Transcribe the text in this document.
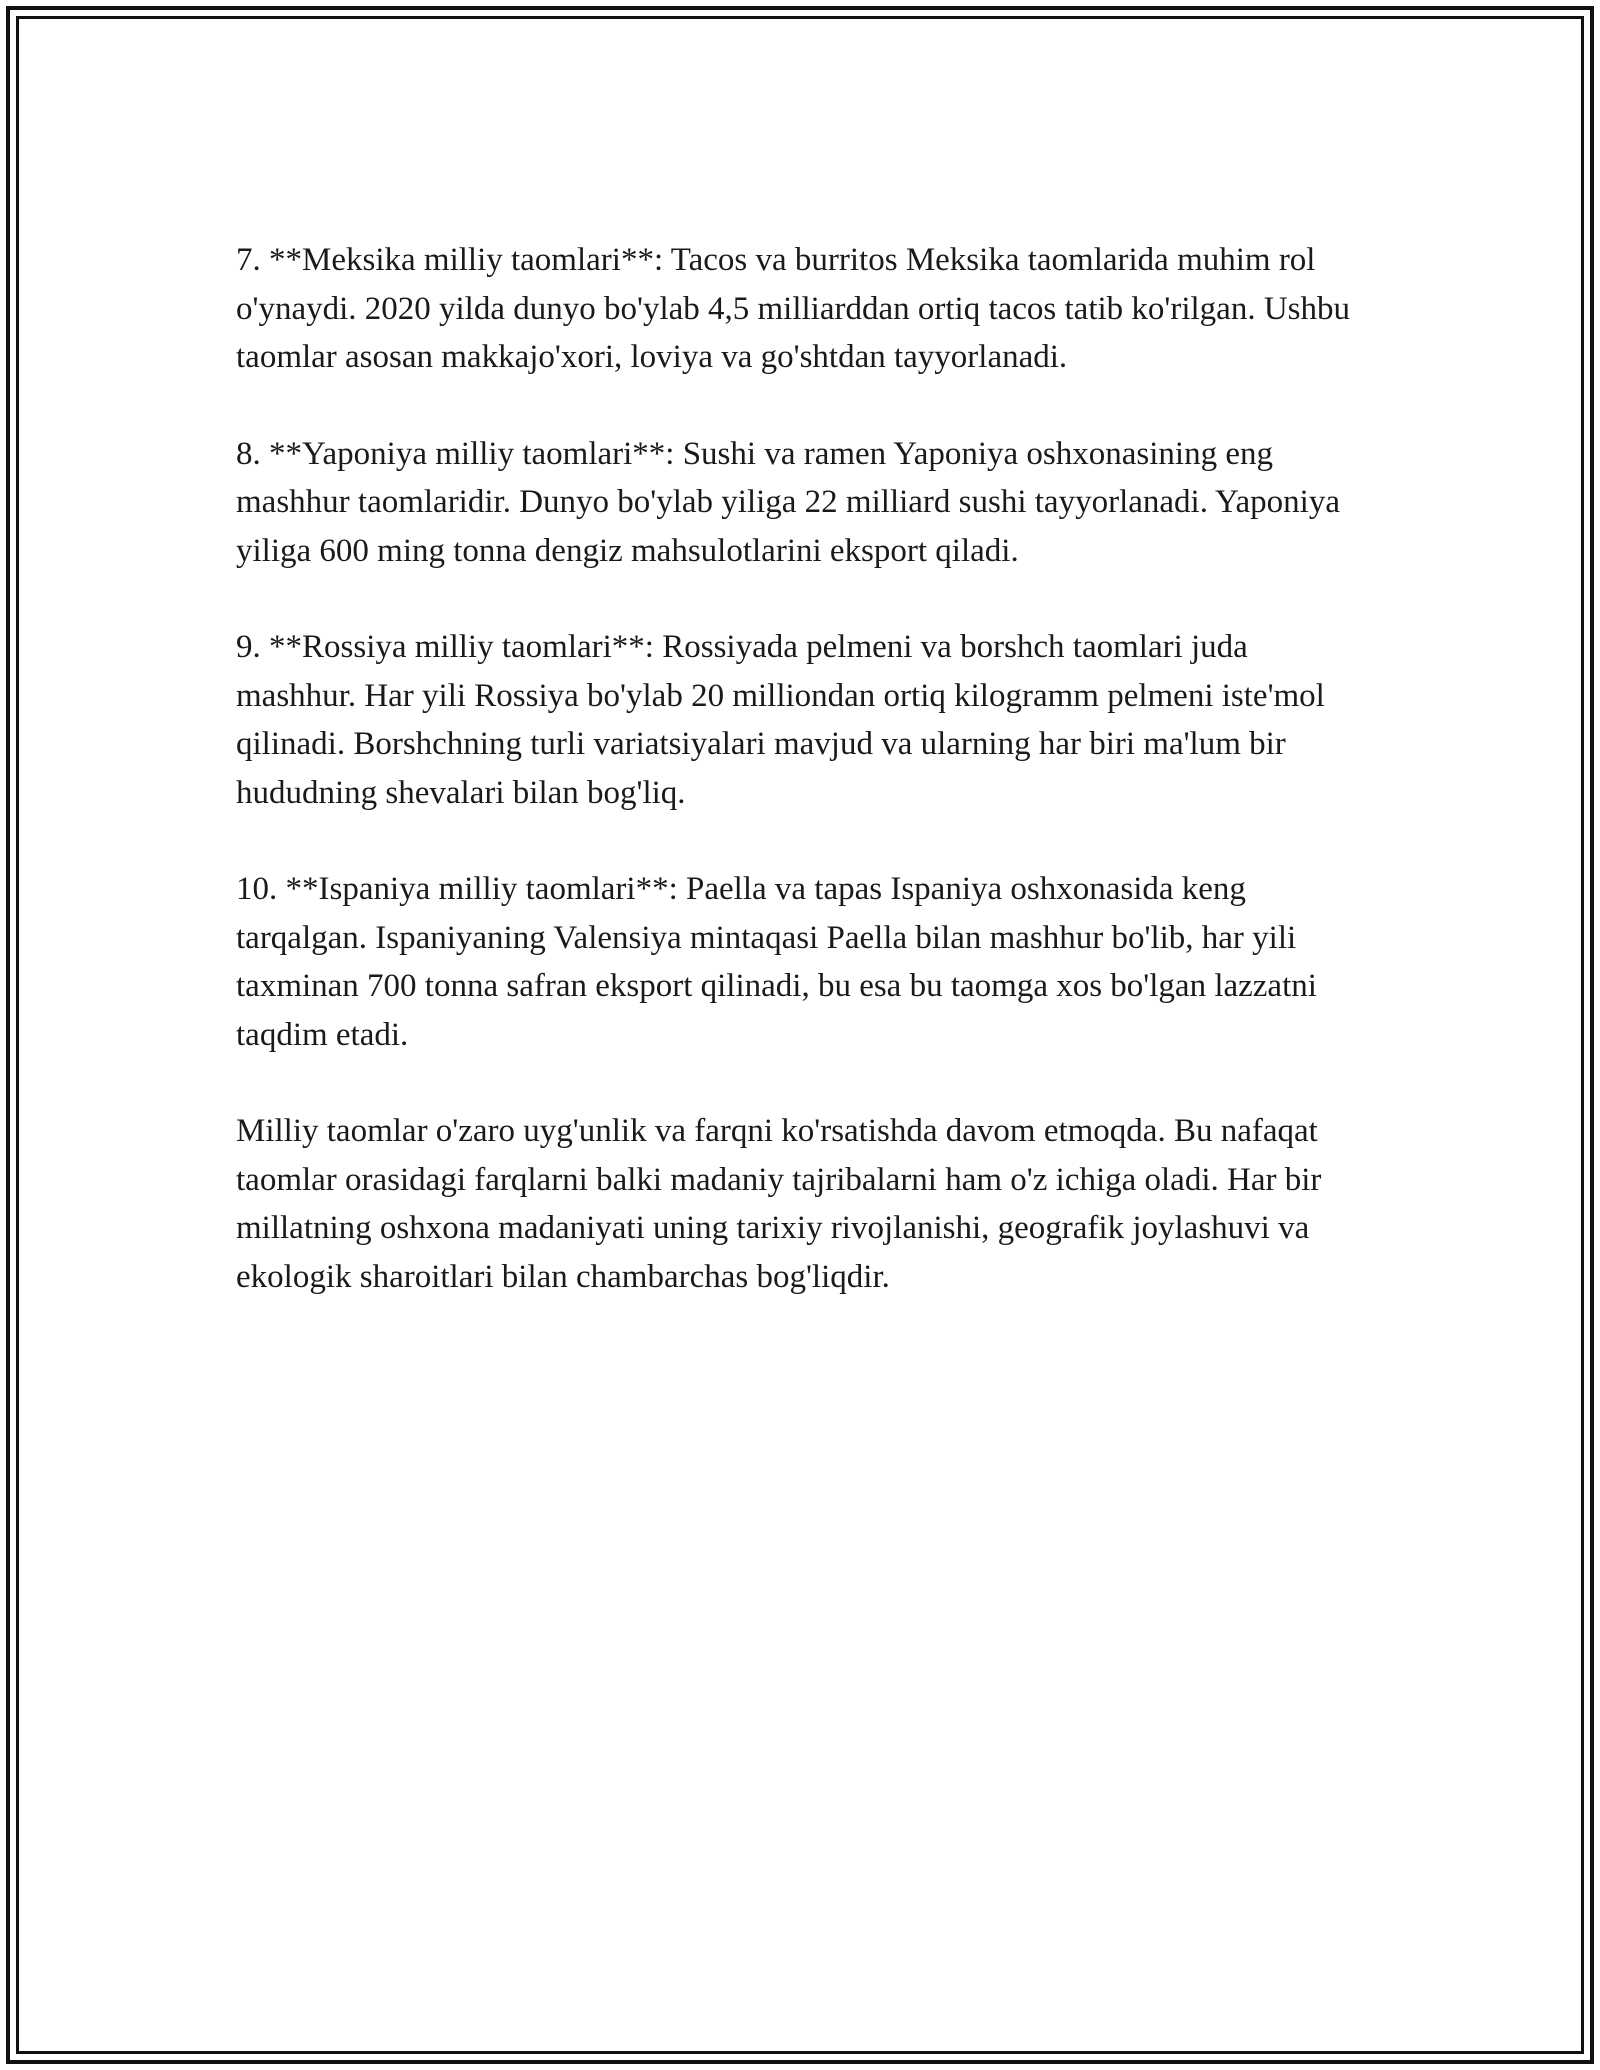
7. **Meksika milliy taomlari**: Tacos va burritos Meksika taomlarida muhim rol o'ynaydi. 2020 yilda dunyo bo'ylab 4,5 milliarddan ortiq tacos tatib ko'rilgan. Ushbu taomlar asosan makkajo'xori, loviya va go'shtdan tayyorlanadi.

8. **Yaponiya milliy taomlari**: Sushi va ramen Yaponiya oshxonasining eng mashhur taomlaridir. Dunyo bo'ylab yiliga 22 milliard sushi tayyorlanadi. Yaponiya yiliga 600 ming tonna dengiz mahsulotlarini eksport qiladi.

9. **Rossiya milliy taomlari**: Rossiyada pelmeni va borshch taomlari juda mashhur. Har yili Rossiya bo'ylab 20 milliondan ortiq kilogramm pelmeni iste'mol qilinadi. Borshchning turli variatsiyalari mavjud va ularning har biri ma'lum bir hududning shevalari bilan bog'liq.

10. **Ispaniya milliy taomlari**: Paella va tapas Ispaniya oshxonasida keng tarqalgan. Ispaniyaning Valensiya mintaqasi Paella bilan mashhur bo'lib, har yili taxminan 700 tonna safran eksport qilinadi, bu esa bu taomga xos bo'lgan lazzatni taqdim etadi.

Milliy taomlar o'zaro uyg'unlik va farqni ko'rsatishda davom etmoqda. Bu nafaqat taomlar orasidagi farqlarni balki madaniy tajribalarni ham o'z ichiga oladi. Har bir millatning oshxona madaniyati uning tarixiy rivojlanishi, geografik joylashuvi va ekologik sharoitlari bilan chambarchas bog'liqdir.
